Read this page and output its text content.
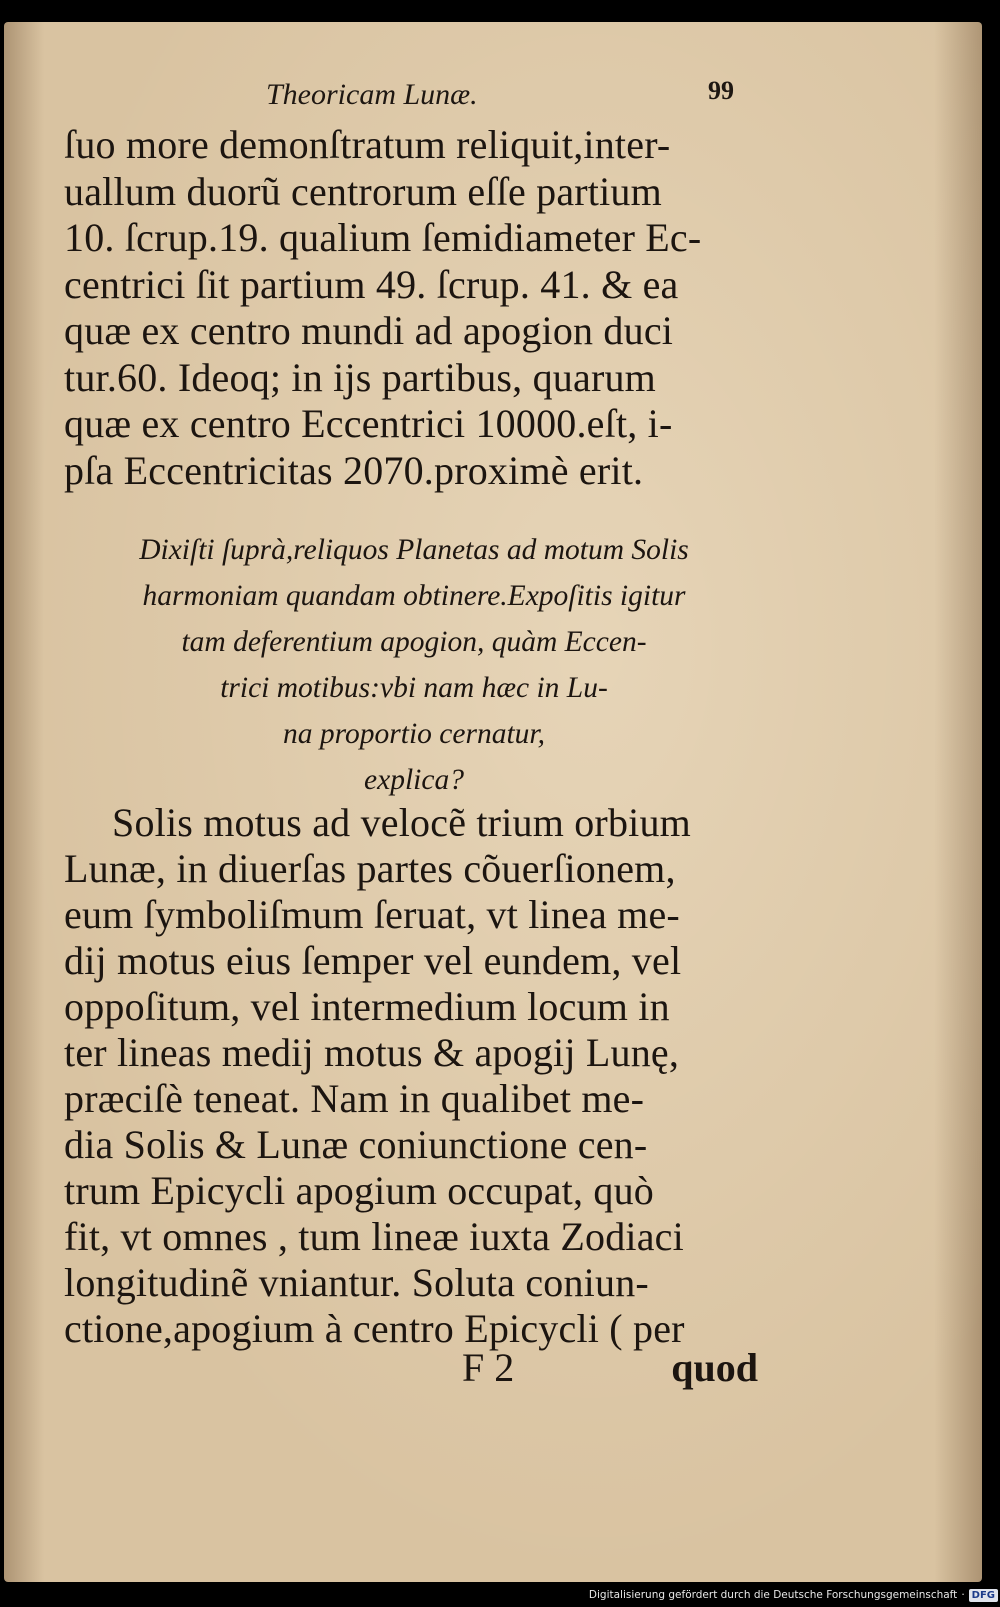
Theoricam Lunæ.	99
ſuo more demonſtratum reliquit,inter-
uallum duorũ centrorum eſſe partium
10. ſcrup.19. qualium ſemidiameter Ec-
centrici ſit partium 49. ſcrup. 41. & ea
quæ ex centro mundi ad apogion duci
tur.60. Ideoq; in ijs partibus, quarum
quæ ex centro Eccentrici 10000.eſt, i-
pſa Eccentricitas 2070.proximè erit.
Dixiſti ſuprà,reliquos Planetas ad motum Solis
harmoniam quandam obtinere.Expoſitis igitur
tam deferentium apogion, quàm Eccen-
trici motibus:vbi nam hæc in Lu-
na proportio cernatur,
explica?
Solis motus ad velocẽ trium orbium
Lunæ, in diuerſas partes cõuerſionem,
eum ſymboliſmum ſeruat, vt linea me-
dij motus eius ſemper vel eundem, vel
oppoſitum, vel intermedium locum in
ter lineas medij motus & apogij Lunę,
præciſè teneat. Nam in qualibet me-
dia Solis & Lunæ coniunctione cen-
trum Epicycli apogium occupat, quò
fit, vt omnes , tum lineæ iuxta Zodiaci
longitudinẽ vniantur. Soluta coniun-
ctione,apogium à centro Epicycli ( per
F 2	quod
Digitalisierung gefördert durch die Deutsche Forschungsgemeinschaft · DFG
